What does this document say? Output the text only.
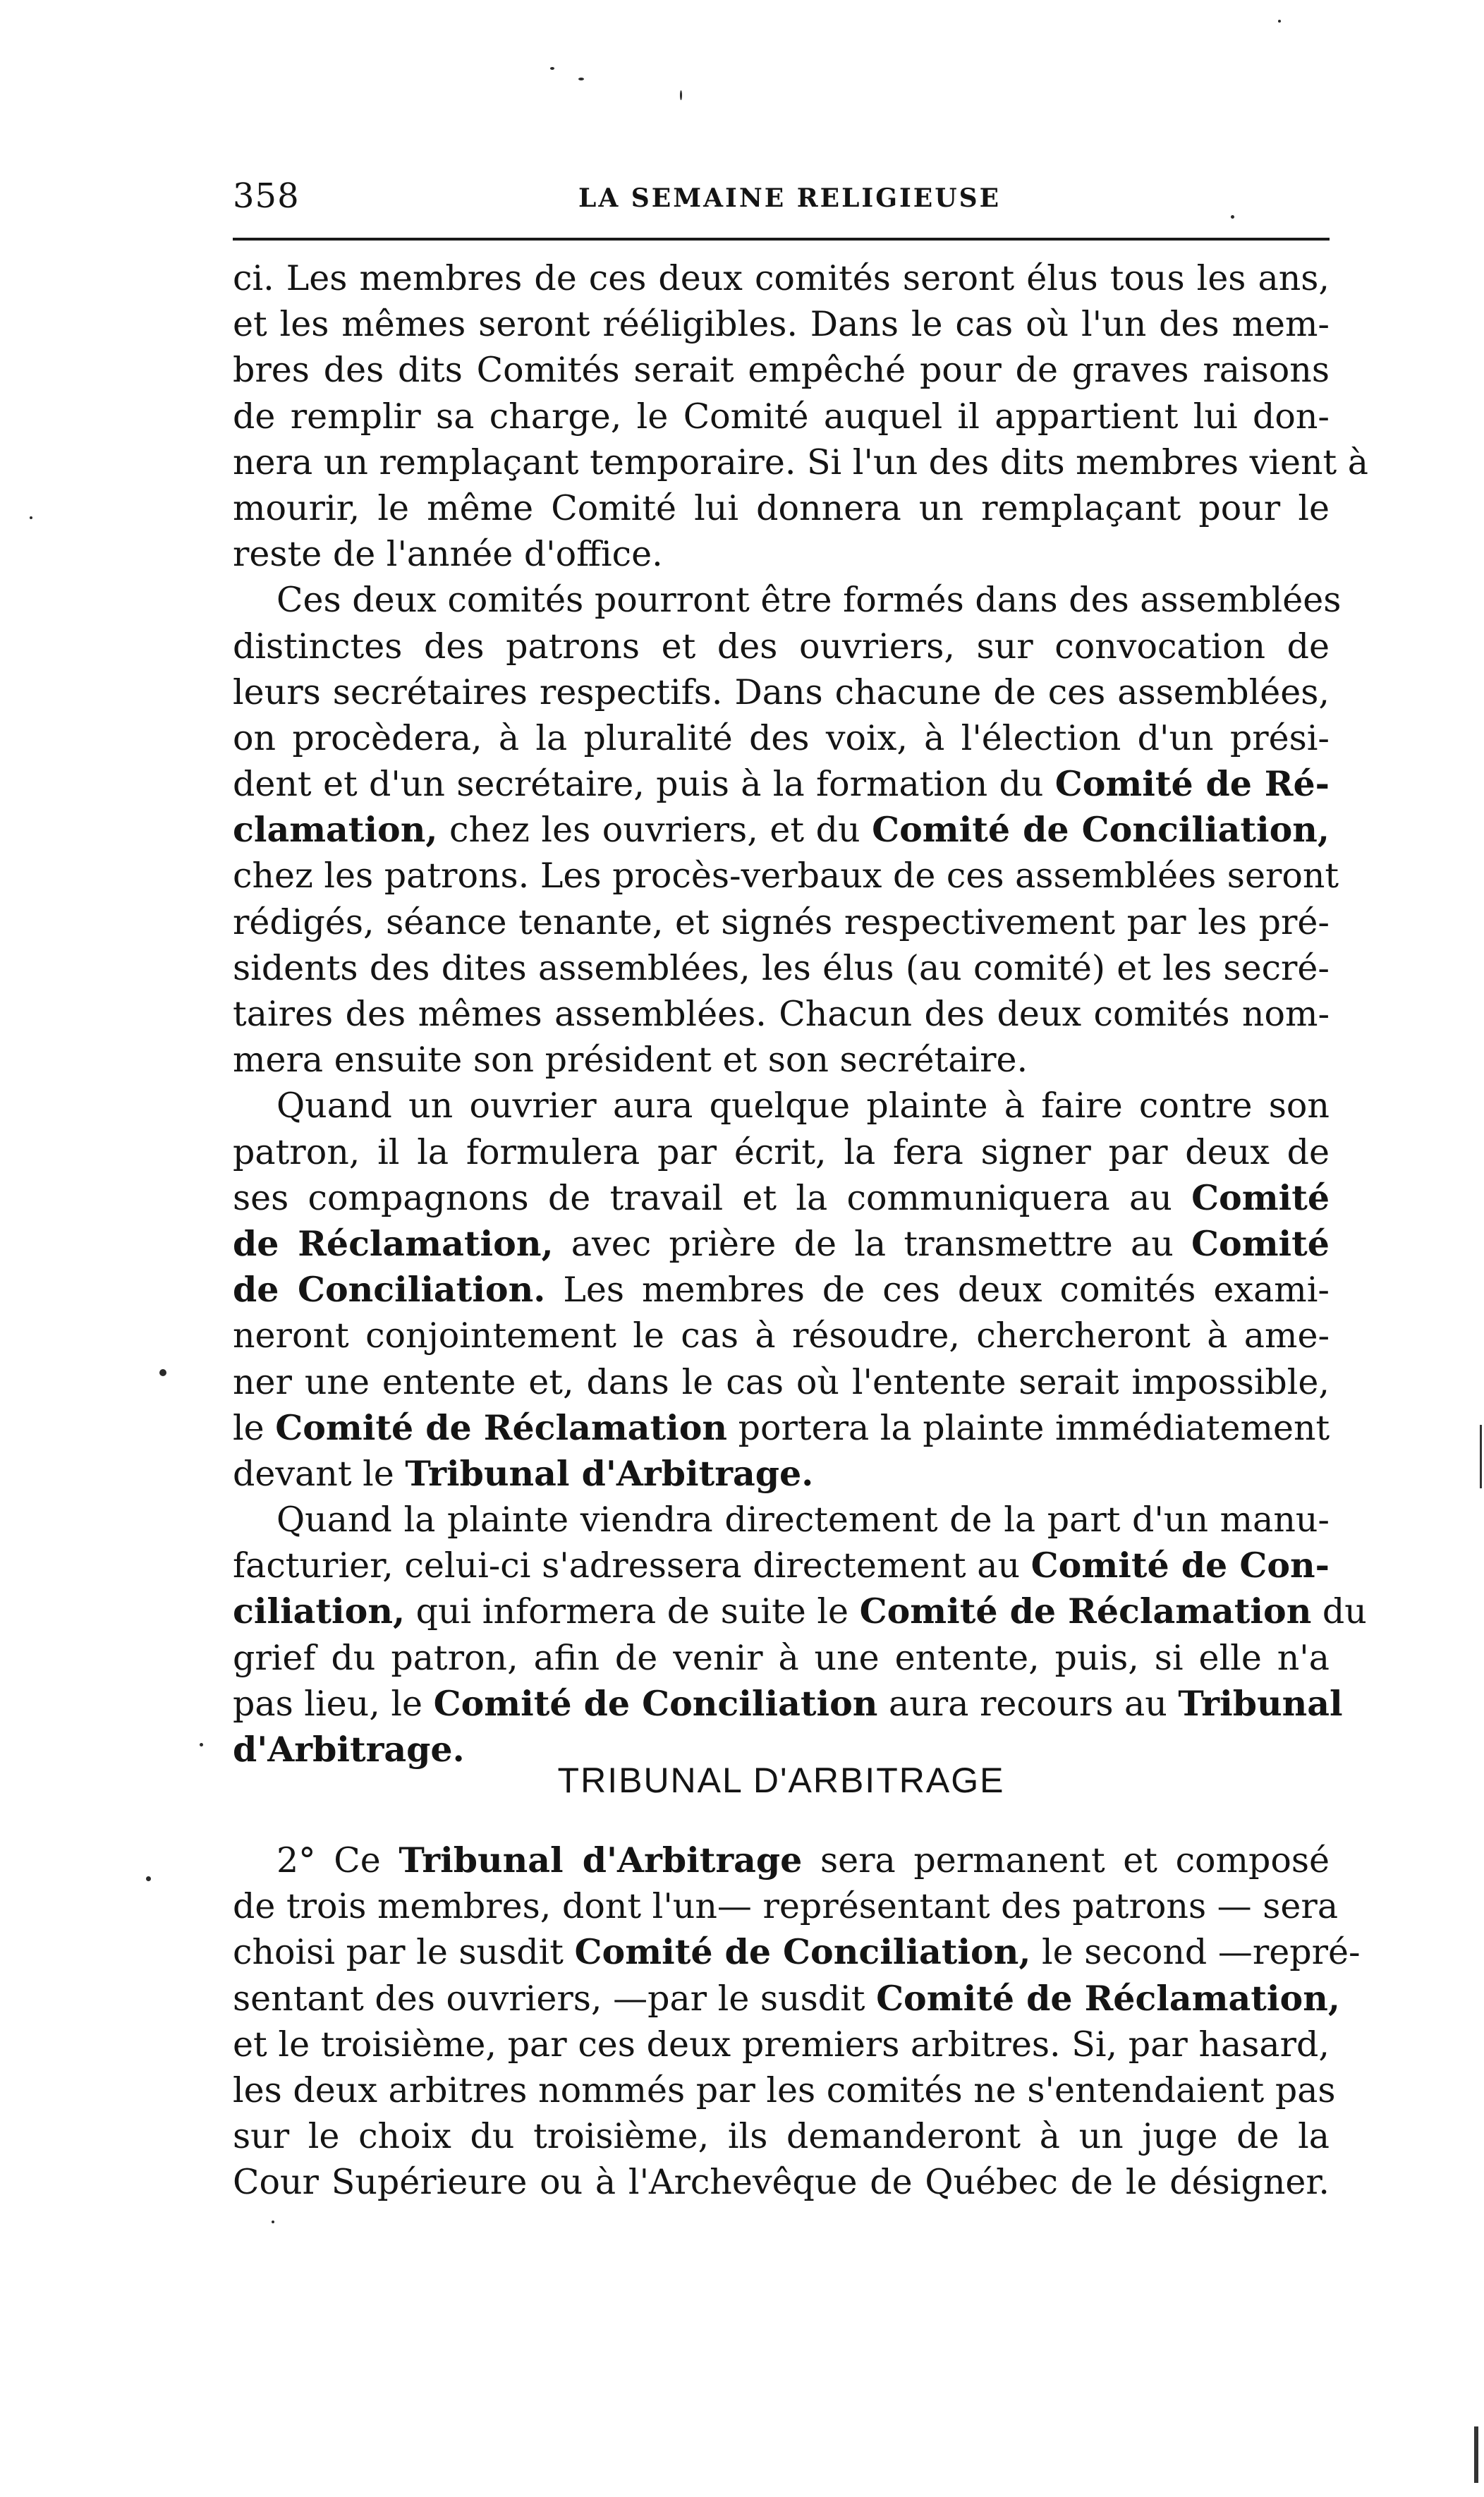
358	LA SEMAINE RELIGIEUSE
ci. Les membres de ces deux comités seront élus tous les ans,
et les mêmes seront rééligibles. Dans le cas où l'un des mem-
bres des dits Comités serait empêché pour de graves raisons
de remplir sa charge, le Comité auquel il appartient lui don-
nera un remplaçant temporaire. Si l'un des dits membres vient à
mourir, le même Comité lui donnera un remplaçant pour le
reste de l'année d'office.
Ces deux comités pourront être formés dans des assemblées
distinctes des patrons et des ouvriers, sur convocation de
leurs secrétaires respectifs. Dans chacune de ces assemblées,
on procèdera, à la pluralité des voix, à l'élection d'un prési-
dent et d'un secrétaire, puis à la formation du Comité de Ré-
clamation, chez les ouvriers, et du Comité de Conciliation,
chez les patrons. Les procès-verbaux de ces assemblées seront
rédigés, séance tenante, et signés respectivement par les pré-
sidents des dites assemblées, les élus (au comité) et les secré-
taires des mêmes assemblées. Chacun des deux comités nom-
mera ensuite son président et son secrétaire.
Quand un ouvrier aura quelque plainte à faire contre son
patron, il la formulera par écrit, la fera signer par deux de
ses compagnons de travail et la communiquera au Comité
de Réclamation, avec prière de la transmettre au Comité
de Conciliation. Les membres de ces deux comités exami-
neront conjointement le cas à résoudre, chercheront à ame-
ner une entente et, dans le cas où l'entente serait impossible,
le Comité de Réclamation portera la plainte immédiatement
devant le Tribunal d'Arbitrage.
Quand la plainte viendra directement de la part d'un manu-
facturier, celui-ci s'adressera directement au Comité de Con-
ciliation, qui informera de suite le Comité de Réclamation du
grief du patron, afin de venir à une entente, puis, si elle n'a
pas lieu, le Comité de Conciliation aura recours au Tribunal
d'Arbitrage.
TRIBUNAL D'ARBITRAGE
2° Ce Tribunal d'Arbitrage sera permanent et composé
de trois membres, dont l'un— représentant des patrons — sera
choisi par le susdit Comité de Conciliation, le second —repré-
sentant des ouvriers, —par le susdit Comité de Réclamation,
et le troisième, par ces deux premiers arbitres. Si, par hasard,
les deux arbitres nommés par les comités ne s'entendaient pas
sur le choix du troisième, ils demanderont à un juge de la
Cour Supérieure ou à l'Archevêque de Québec de le désigner.
